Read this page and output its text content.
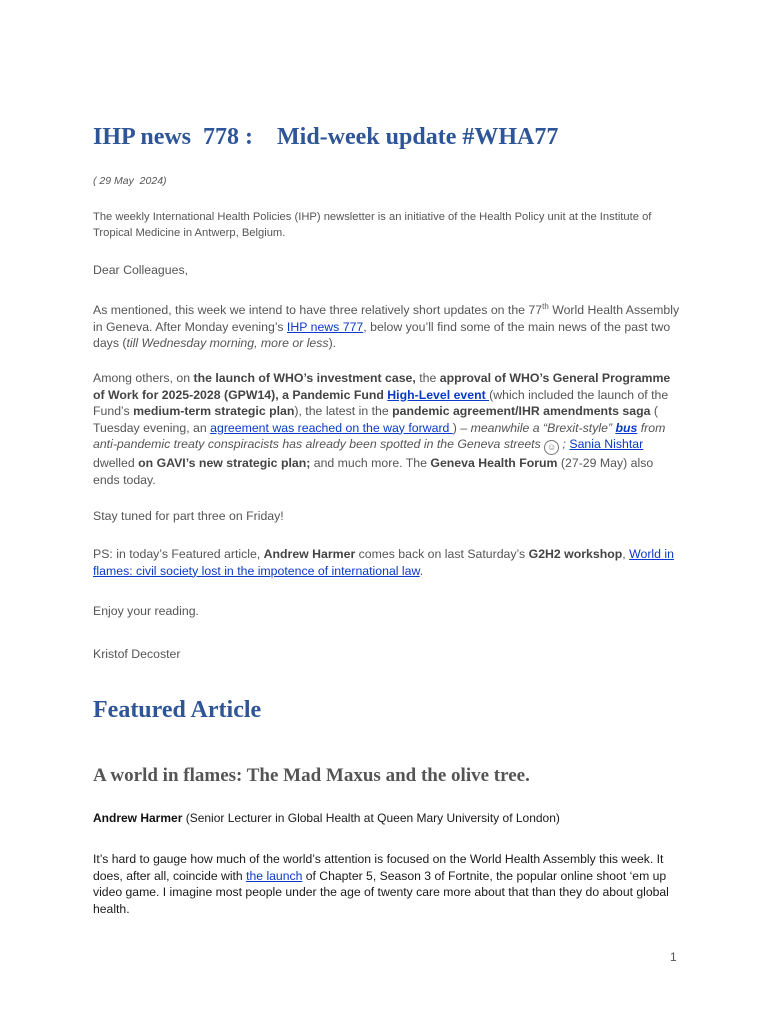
IHP news  778 :    Mid-week update #WHA77
( 29 May  2024)

The weekly International Health Policies (IHP) newsletter is an initiative of the Health Policy unit at the Institute of Tropical Medicine in Antwerp, Belgium.

Dear Colleagues,

As mentioned, this week we intend to have three relatively short updates on the 77th World Health Assembly in Geneva. After Monday evening’s IHP news 777, below you’ll find some of the main news of the past two days (till Wednesday morning, more or less).

Among others, on the launch of WHO’s investment case, the approval of WHO’s General Programme of Work for 2025-2028 (GPW14), a Pandemic Fund High-Level event (which included the launch of the Fund’s medium-term strategic plan), the latest in the pandemic agreement/IHR amendments saga ( Tuesday evening, an agreement was reached on the way forward ) – meanwhile a “Brexit-style” bus from anti-pandemic treaty conspiracists has already been spotted in the Geneva streets ☺ ; Sania Nishtar dwelled on GAVI’s new strategic plan; and much more. The Geneva Health Forum (27-29 May) also ends today.

Stay tuned for part three on Friday!

PS: in today’s Featured article, Andrew Harmer comes back on last Saturday’s G2H2 workshop, World in flames: civil society lost in the impotence of international law.

Enjoy your reading.

Kristof Decoster

Featured Article
A world in flames: The Mad Maxus and the olive tree.

Andrew Harmer (Senior Lecturer in Global Health at Queen Mary University of London)

It’s hard to gauge how much of the world’s attention is focused on the World Health Assembly this week. It does, after all, coincide with the launch of Chapter 5, Season 3 of Fortnite, the popular online shoot ‘em up video game. I imagine most people under the age of twenty care more about that than they do about global health.

1
